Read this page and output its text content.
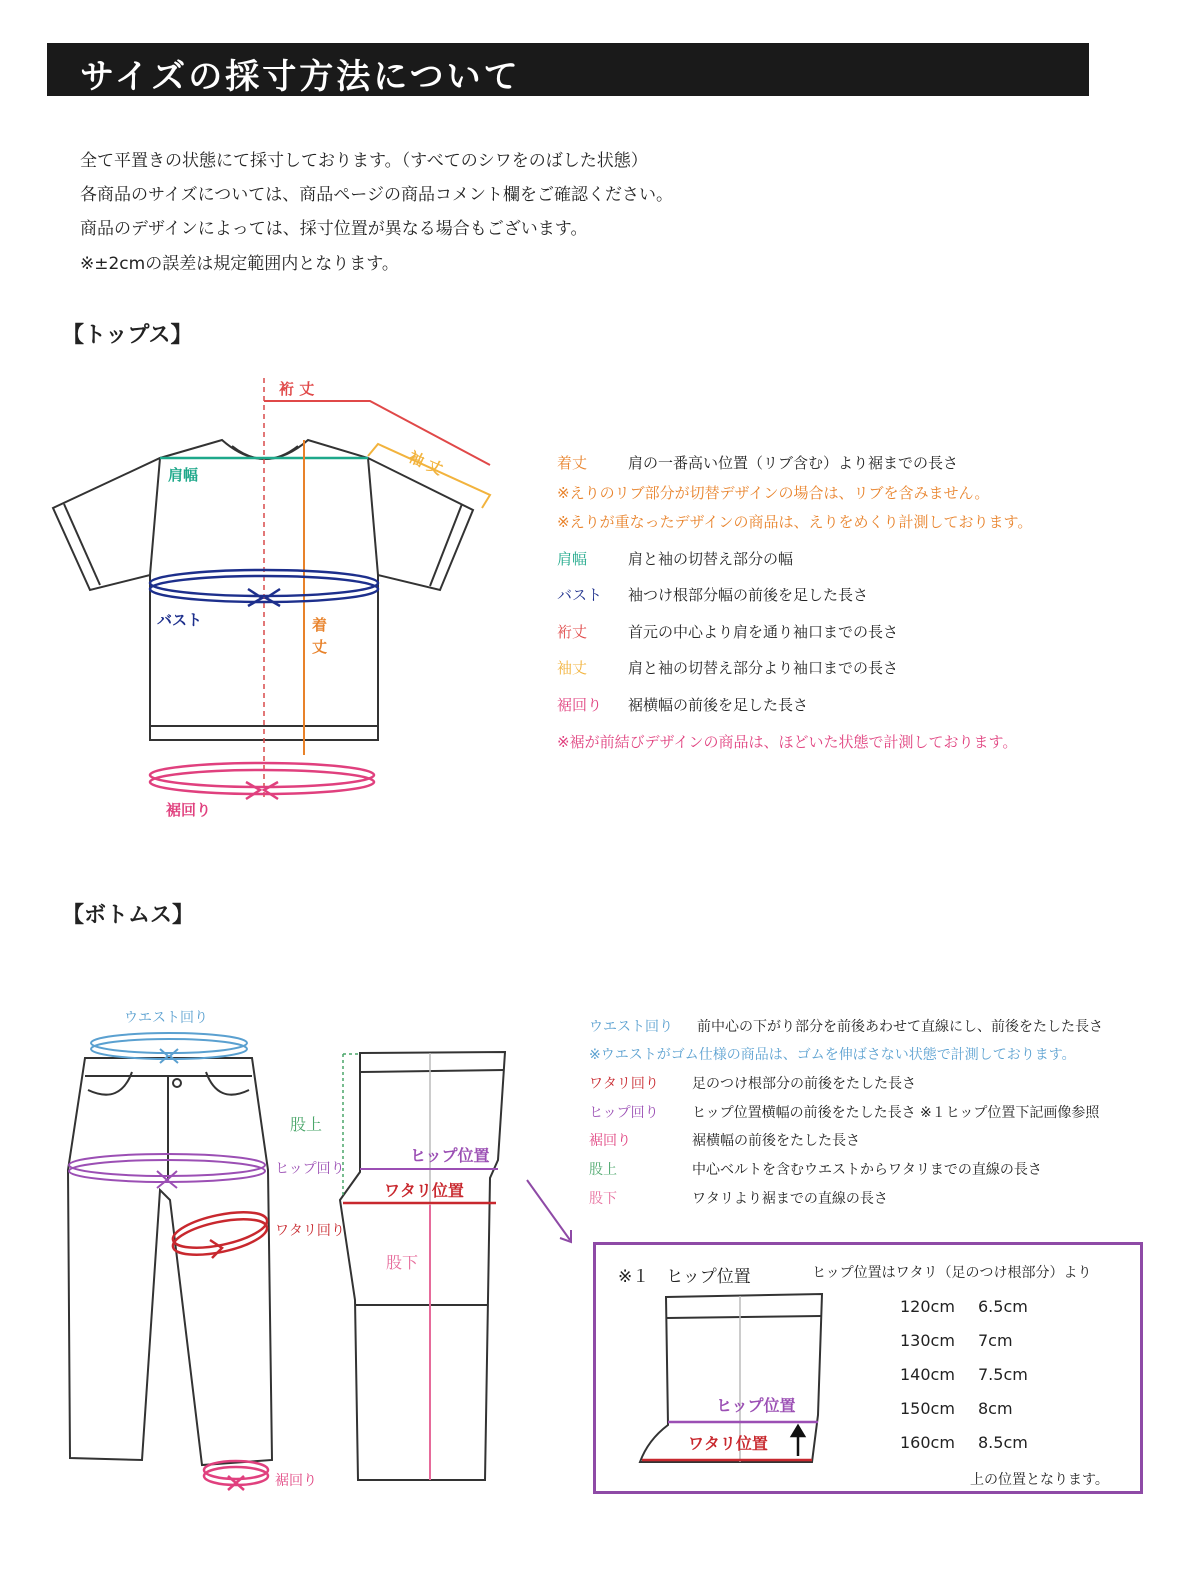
サイズの採寸方法について
全て平置きの状態にて採寸しております。（すべてのシワをのばした状態）
各商品のサイズについては、商品ページの商品コメント欄をご確認ください。
商品のデザインによっては、採寸位置が異なる場合もございます。
※±2cmの誤差は規定範囲内となります。
【トップス】
【ボトムス】
裄 丈
袖 丈
肩幅
バスト	着
丈
裾回り
着丈	肩の一番高い位置（リブ含む）より裾までの長さ
※えりのリブ部分が切替デザインの場合は、リブを含みません。
※えりが重なったデザインの商品は、えりをめくり計測しております。
肩幅	肩と袖の切替え部分の幅
バスト 袖つけ根部分幅の前後を足した長さ
裄丈	首元の中心より肩を通り袖口までの長さ
袖丈	肩と袖の切替え部分より袖口までの長さ
裾回り 裾横幅の前後を足した長さ
※裾が前結びデザインの商品は、ほどいた状態で計測しております。
ウエスト回り
ヒップ回り
ワタリ回り
裾回り
股上
ヒップ位置
ワタリ位置
股下
ウエスト回り 前中心の下がり部分を前後あわせて直線にし、前後をたした長さ
※ウエストがゴム仕様の商品は、ゴムを伸ばさない状態で計測しております。
ワタリ回り 足のつけ根部分の前後をたした長さ
ヒップ回り ヒップ位置横幅の前後をたした長さ ※１ヒップ位置下記画像参照
裾回り	裾横幅の前後をたした長さ
股上	中心ベルトを含むウエストからワタリまでの直線の長さ
股下	ワタリより裾までの直線の長さ
※１　ヒップ位置	ヒップ位置はワタリ（足のつけ根部分）より
ヒップ位置
ワタリ位置
120cm 6.5cm
130cm 7cm
140cm 7.5cm
150cm 8cm
160cm 8.5cm
上の位置となります。
